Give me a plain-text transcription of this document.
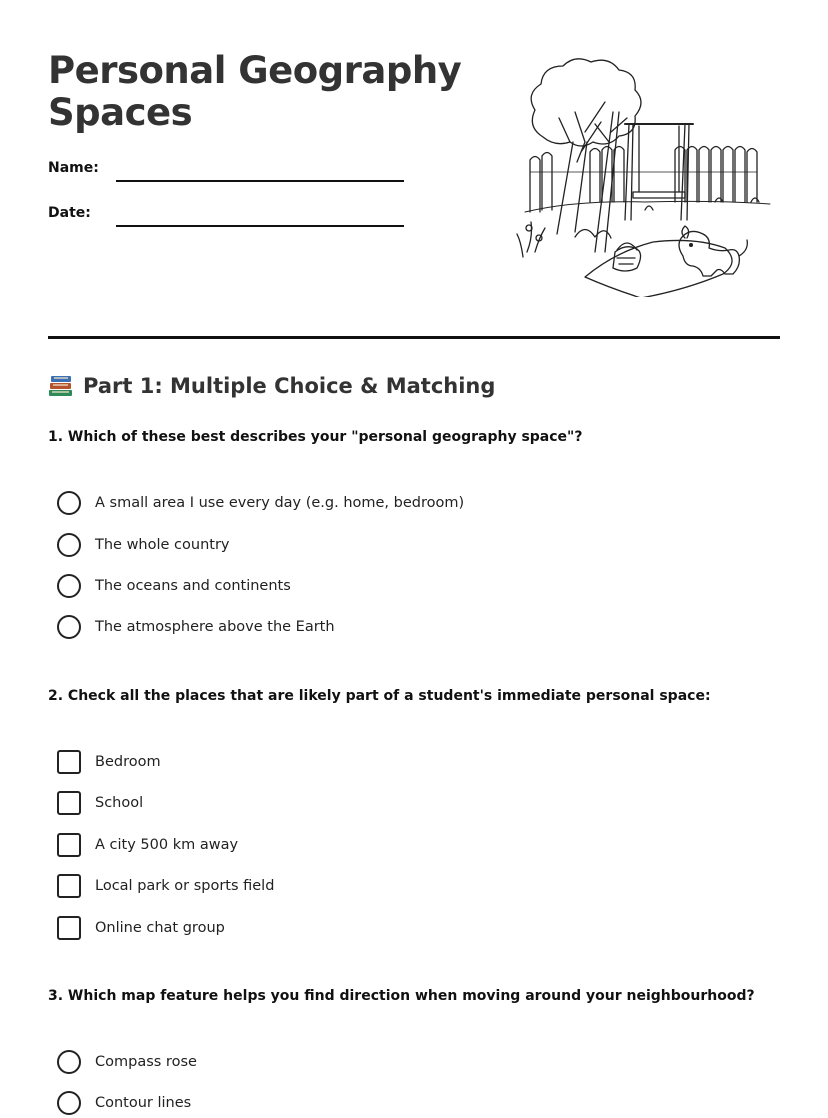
Personal Geography
Spaces
Name:
Date:
Part 1: Multiple Choice & Matching
1. Which of these best describes your "personal geography space"?
A small area I use every day (e.g. home, bedroom)
The whole country
The oceans and continents
The atmosphere above the Earth
2. Check all the places that are likely part of a student's immediate personal space:
Bedroom
School
A city 500 km away
Local park or sports field
Online chat group
3. Which map feature helps you find direction when moving around your neighbourhood?
Compass rose
Contour lines
